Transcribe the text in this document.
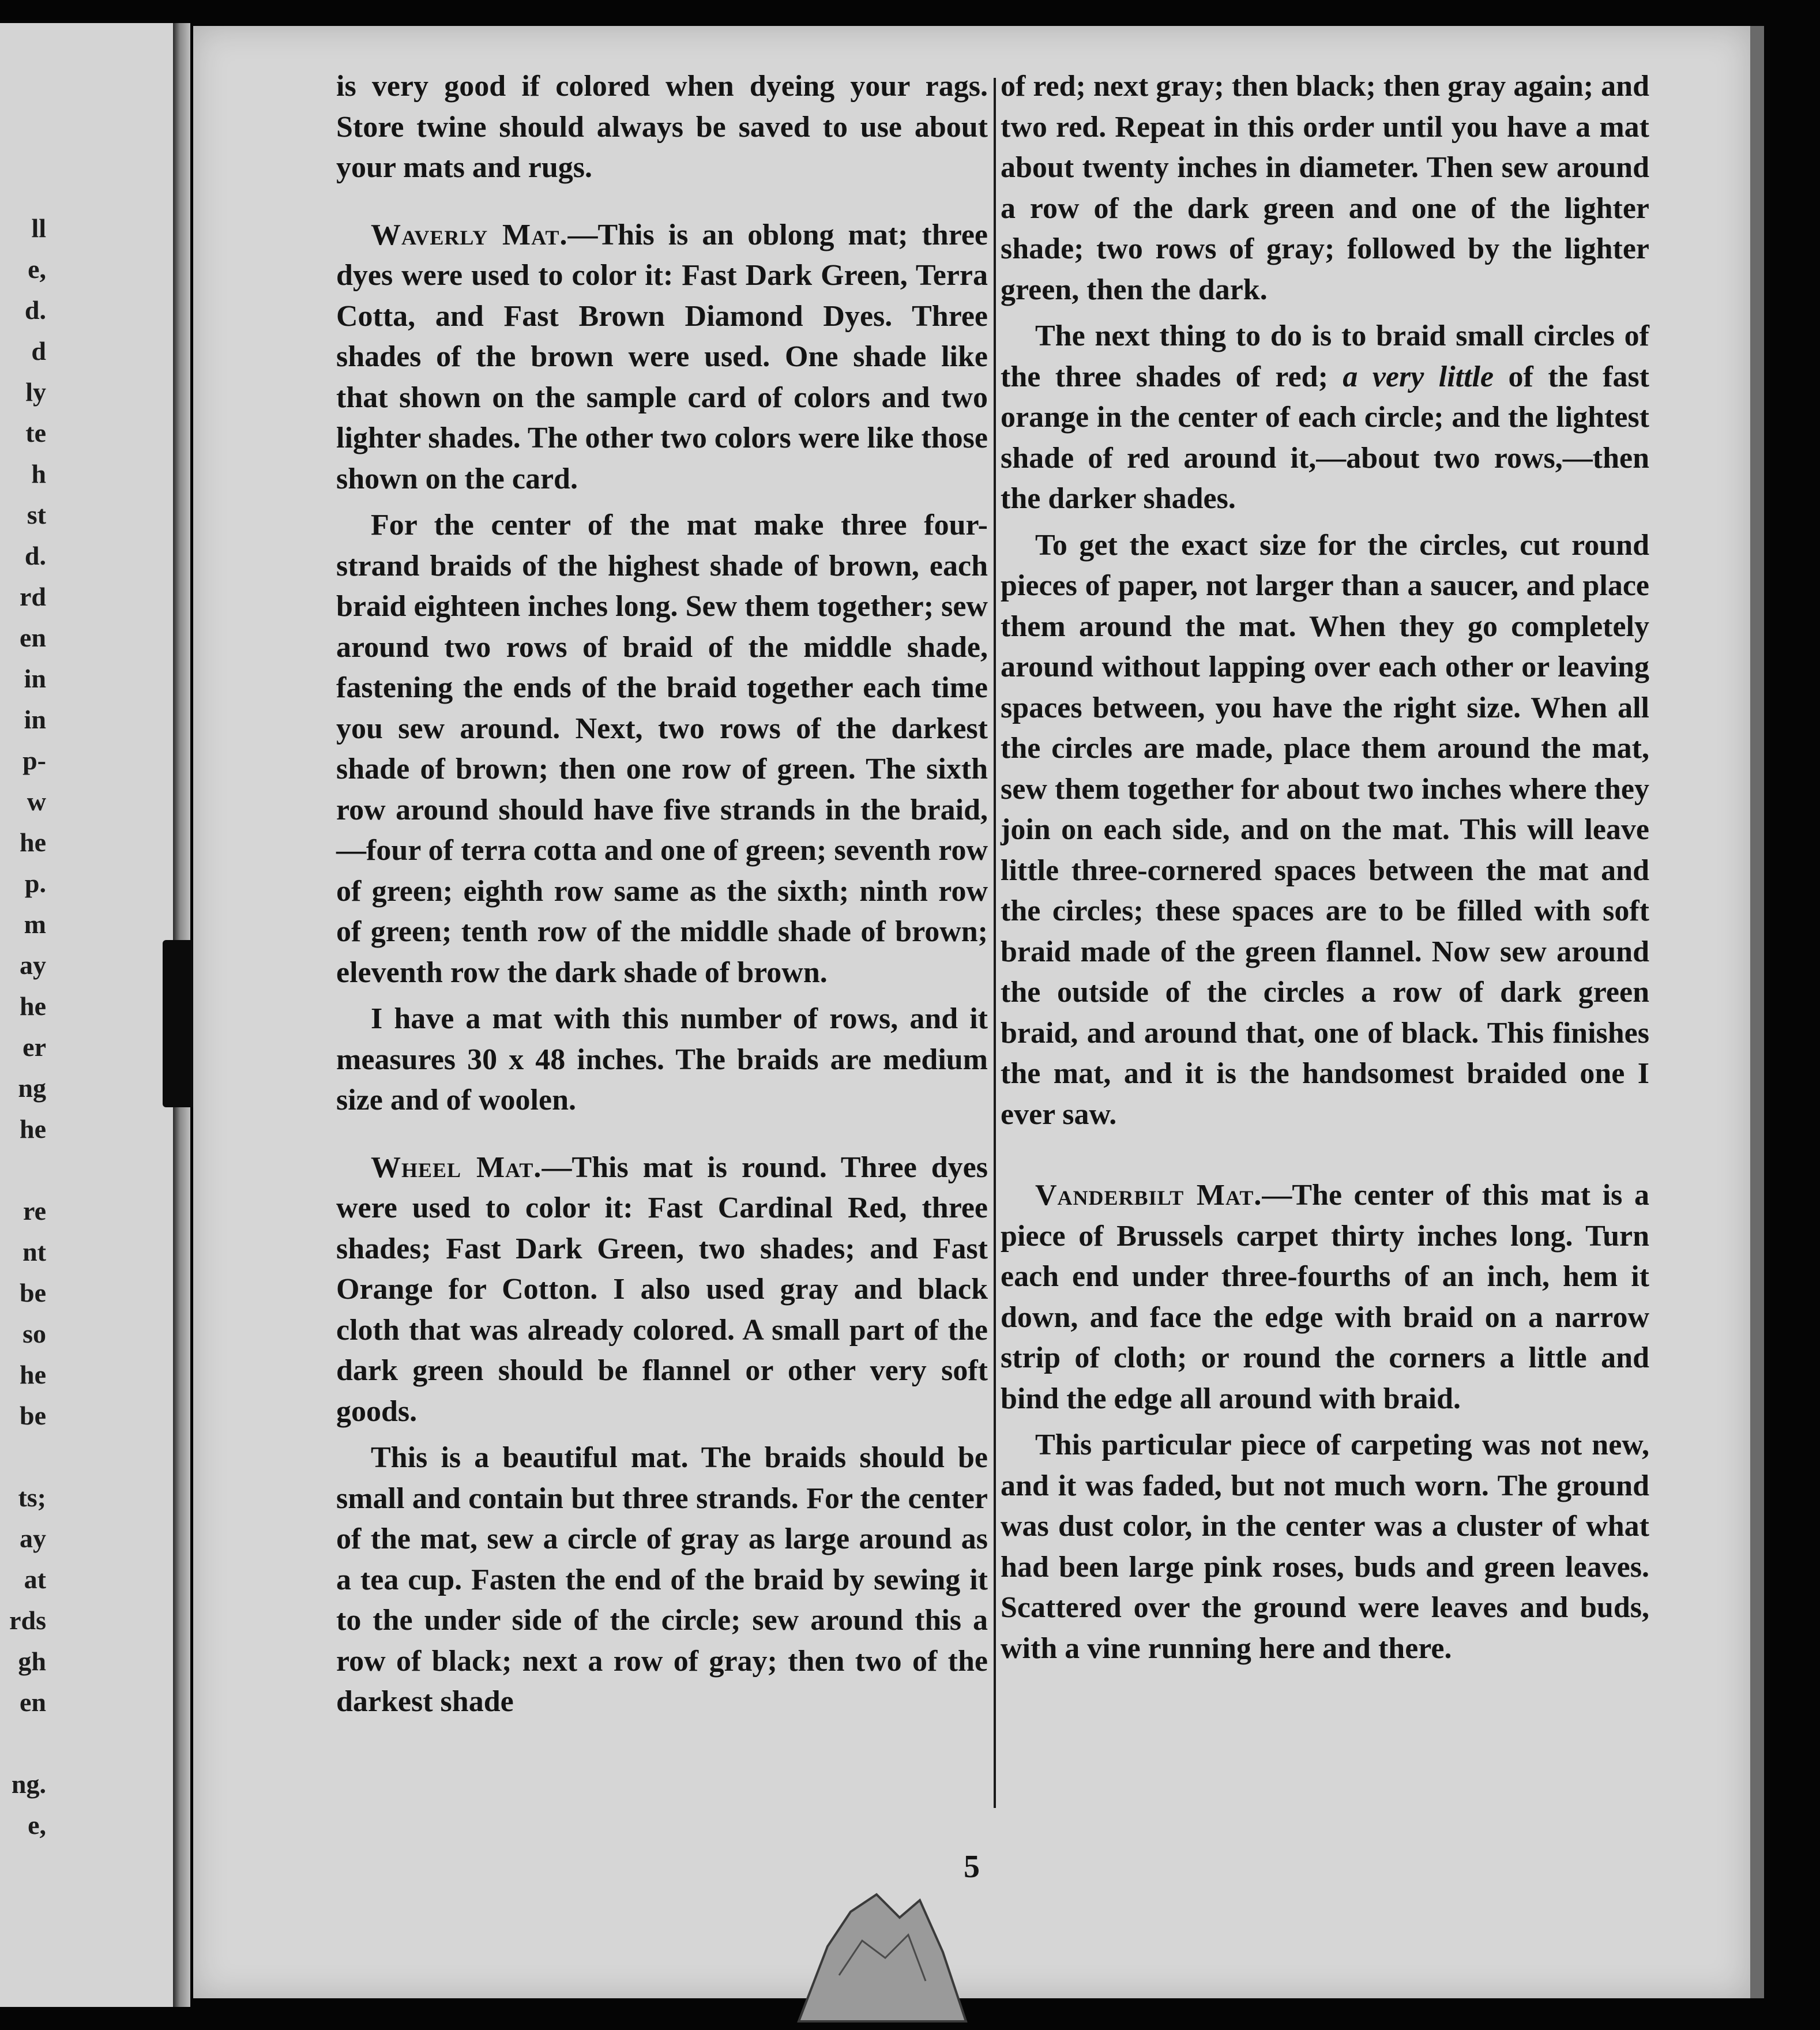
ll
e,
d.
d
ly
te
h
st
d.
rd
en
in
in
p-
w
he
p.
m
ay
he
er
ng
he
re
nt
be
so
he
be
ts;
ay
at
rds
gh
en
ng.
e,

is very good if colored when dyeing your rags. Store twine should always be saved to use about your mats and rugs.

Waverly Mat.—This is an oblong mat; three dyes were used to color it: Fast Dark Green, Terra Cotta, and Fast Brown Diamond Dyes. Three shades of the brown were used. One shade like that shown on the sample card of colors and two lighter shades. The other two colors were like those shown on the card.

For the center of the mat make three four-strand braids of the highest shade of brown, each braid eighteen inches long. Sew them together; sew around two rows of braid of the middle shade, fastening the ends of the braid together each time you sew around. Next, two rows of the darkest shade of brown; then one row of green. The sixth row around should have five strands in the braid,—four of terra cotta and one of green; seventh row of green; eighth row same as the sixth; ninth row of green; tenth row of the middle shade of brown; eleventh row the dark shade of brown.

I have a mat with this number of rows, and it measures 30 x 48 inches. The braids are medium size and of woolen.

Wheel Mat.—This mat is round. Three dyes were used to color it: Fast Cardinal Red, three shades; Fast Dark Green, two shades; and Fast Orange for Cotton. I also used gray and black cloth that was already colored. A small part of the dark green should be flannel or other very soft goods.

This is a beautiful mat. The braids should be small and contain but three strands. For the center of the mat, sew a circle of gray as large around as a tea cup. Fasten the end of the braid by sewing it to the under side of the circle; sew around this a row of black; next a row of gray; then two of the darkest shade

of red; next gray; then black; then gray again; and two red. Repeat in this order until you have a mat about twenty inches in diameter. Then sew around a row of the dark green and one of the lighter shade; two rows of gray; followed by the lighter green, then the dark.

The next thing to do is to braid small circles of the three shades of red; a very little of the fast orange in the center of each circle; and the lightest shade of red around it,—about two rows,—then the darker shades.

To get the exact size for the circles, cut round pieces of paper, not larger than a saucer, and place them around the mat. When they go completely around without lapping over each other or leaving spaces between, you have the right size. When all the circles are made, place them around the mat, sew them together for about two inches where they join on each side, and on the mat. This will leave little three-cornered spaces between the mat and the circles; these spaces are to be filled with soft braid made of the green flannel. Now sew around the outside of the circles a row of dark green braid, and around that, one of black. This finishes the mat, and it is the handsomest braided one I ever saw.

Vanderbilt Mat.—The center of this mat is a piece of Brussels carpet thirty inches long. Turn each end under three-fourths of an inch, hem it down, and face the edge with braid on a narrow strip of cloth; or round the corners a little and bind the edge all around with braid.

This particular piece of carpeting was not new, and it was faded, but not much worn. The ground was dust color, in the center was a cluster of what had been large pink roses, buds and green leaves. Scattered over the ground were leaves and buds, with a vine running here and there.

5
